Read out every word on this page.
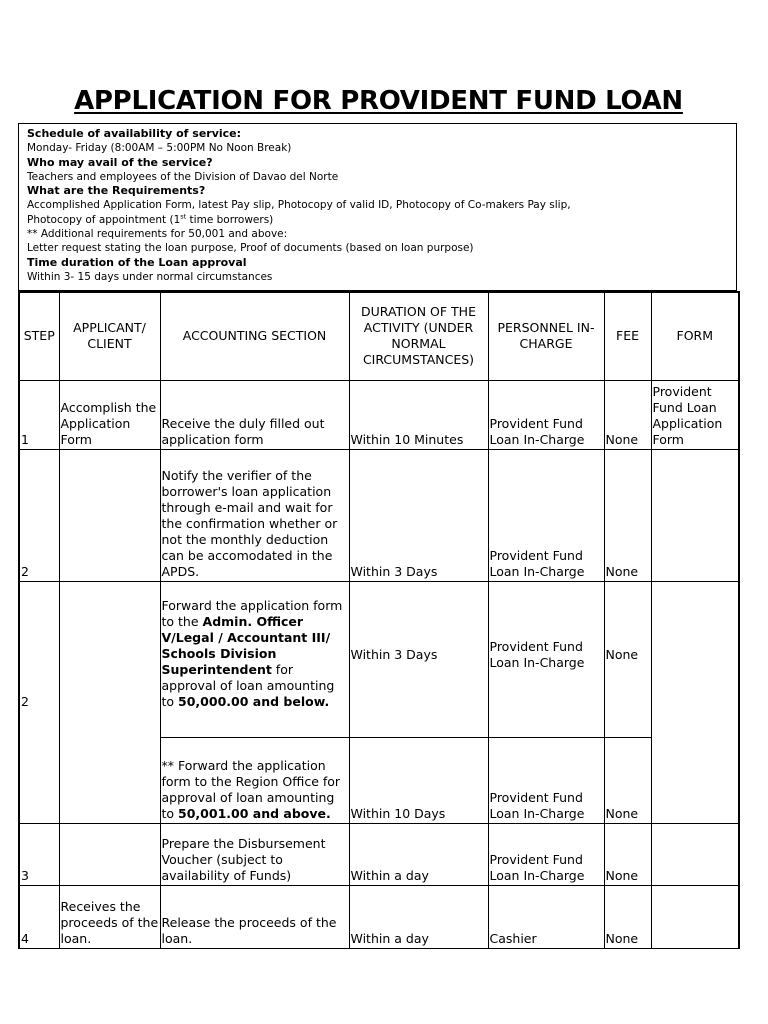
APPLICATION FOR PROVIDENT FUND LOAN
Schedule of availability of service:
Monday- Friday (8:00AM – 5:00PM No Noon Break)
Who may avail of the service?
Teachers and employees of the Division of Davao del Norte
What are the Requirements?
Accomplished Application Form, latest Pay slip, Photocopy of valid ID, Photocopy of Co-makers Pay slip,
Photocopy of appointment (1st time borrowers)
** Additional requirements for 50,001 and above:
Letter request stating the loan purpose, Proof of documents (based on loan purpose)
Time duration of the Loan approval
Within 3- 15 days under normal circumstances
STEP	APPLICANT/ CLIENT	ACCOUNTING SECTION	DURATION OF THE ACTIVITY (UNDER NORMAL CIRCUMSTANCES)	PERSONNEL IN-CHARGE	FEE	FORM
1	Accomplish the Application Form	Receive the duly filled out application form	Within 10 Minutes	Provident Fund Loan In-Charge	None	Provident Fund Loan Application Form
2		Notify the verifier of the borrower's loan application through e-mail and wait for the confirmation whether or not the monthly deduction can be accomodated in the APDS.	Within 3 Days	Provident Fund Loan In-Charge	None	
2		Forward the application form to the Admin. Officer V/Legal / Accountant III/ Schools Division Superintendent for approval of loan amounting to 50,000.00 and below.	Within 3 Days	Provident Fund Loan In-Charge	None	
		** Forward the application form to the Region Office for approval of loan amounting to 50,001.00 and above.	Within 10 Days	Provident Fund Loan In-Charge	None	
3		Prepare the Disbursement Voucher (subject to availability of Funds)	Within a day	Provident Fund Loan In-Charge	None	
4	Receives the proceeds of the loan.	Release the proceeds of the loan.	Within a day	Cashier	None	
